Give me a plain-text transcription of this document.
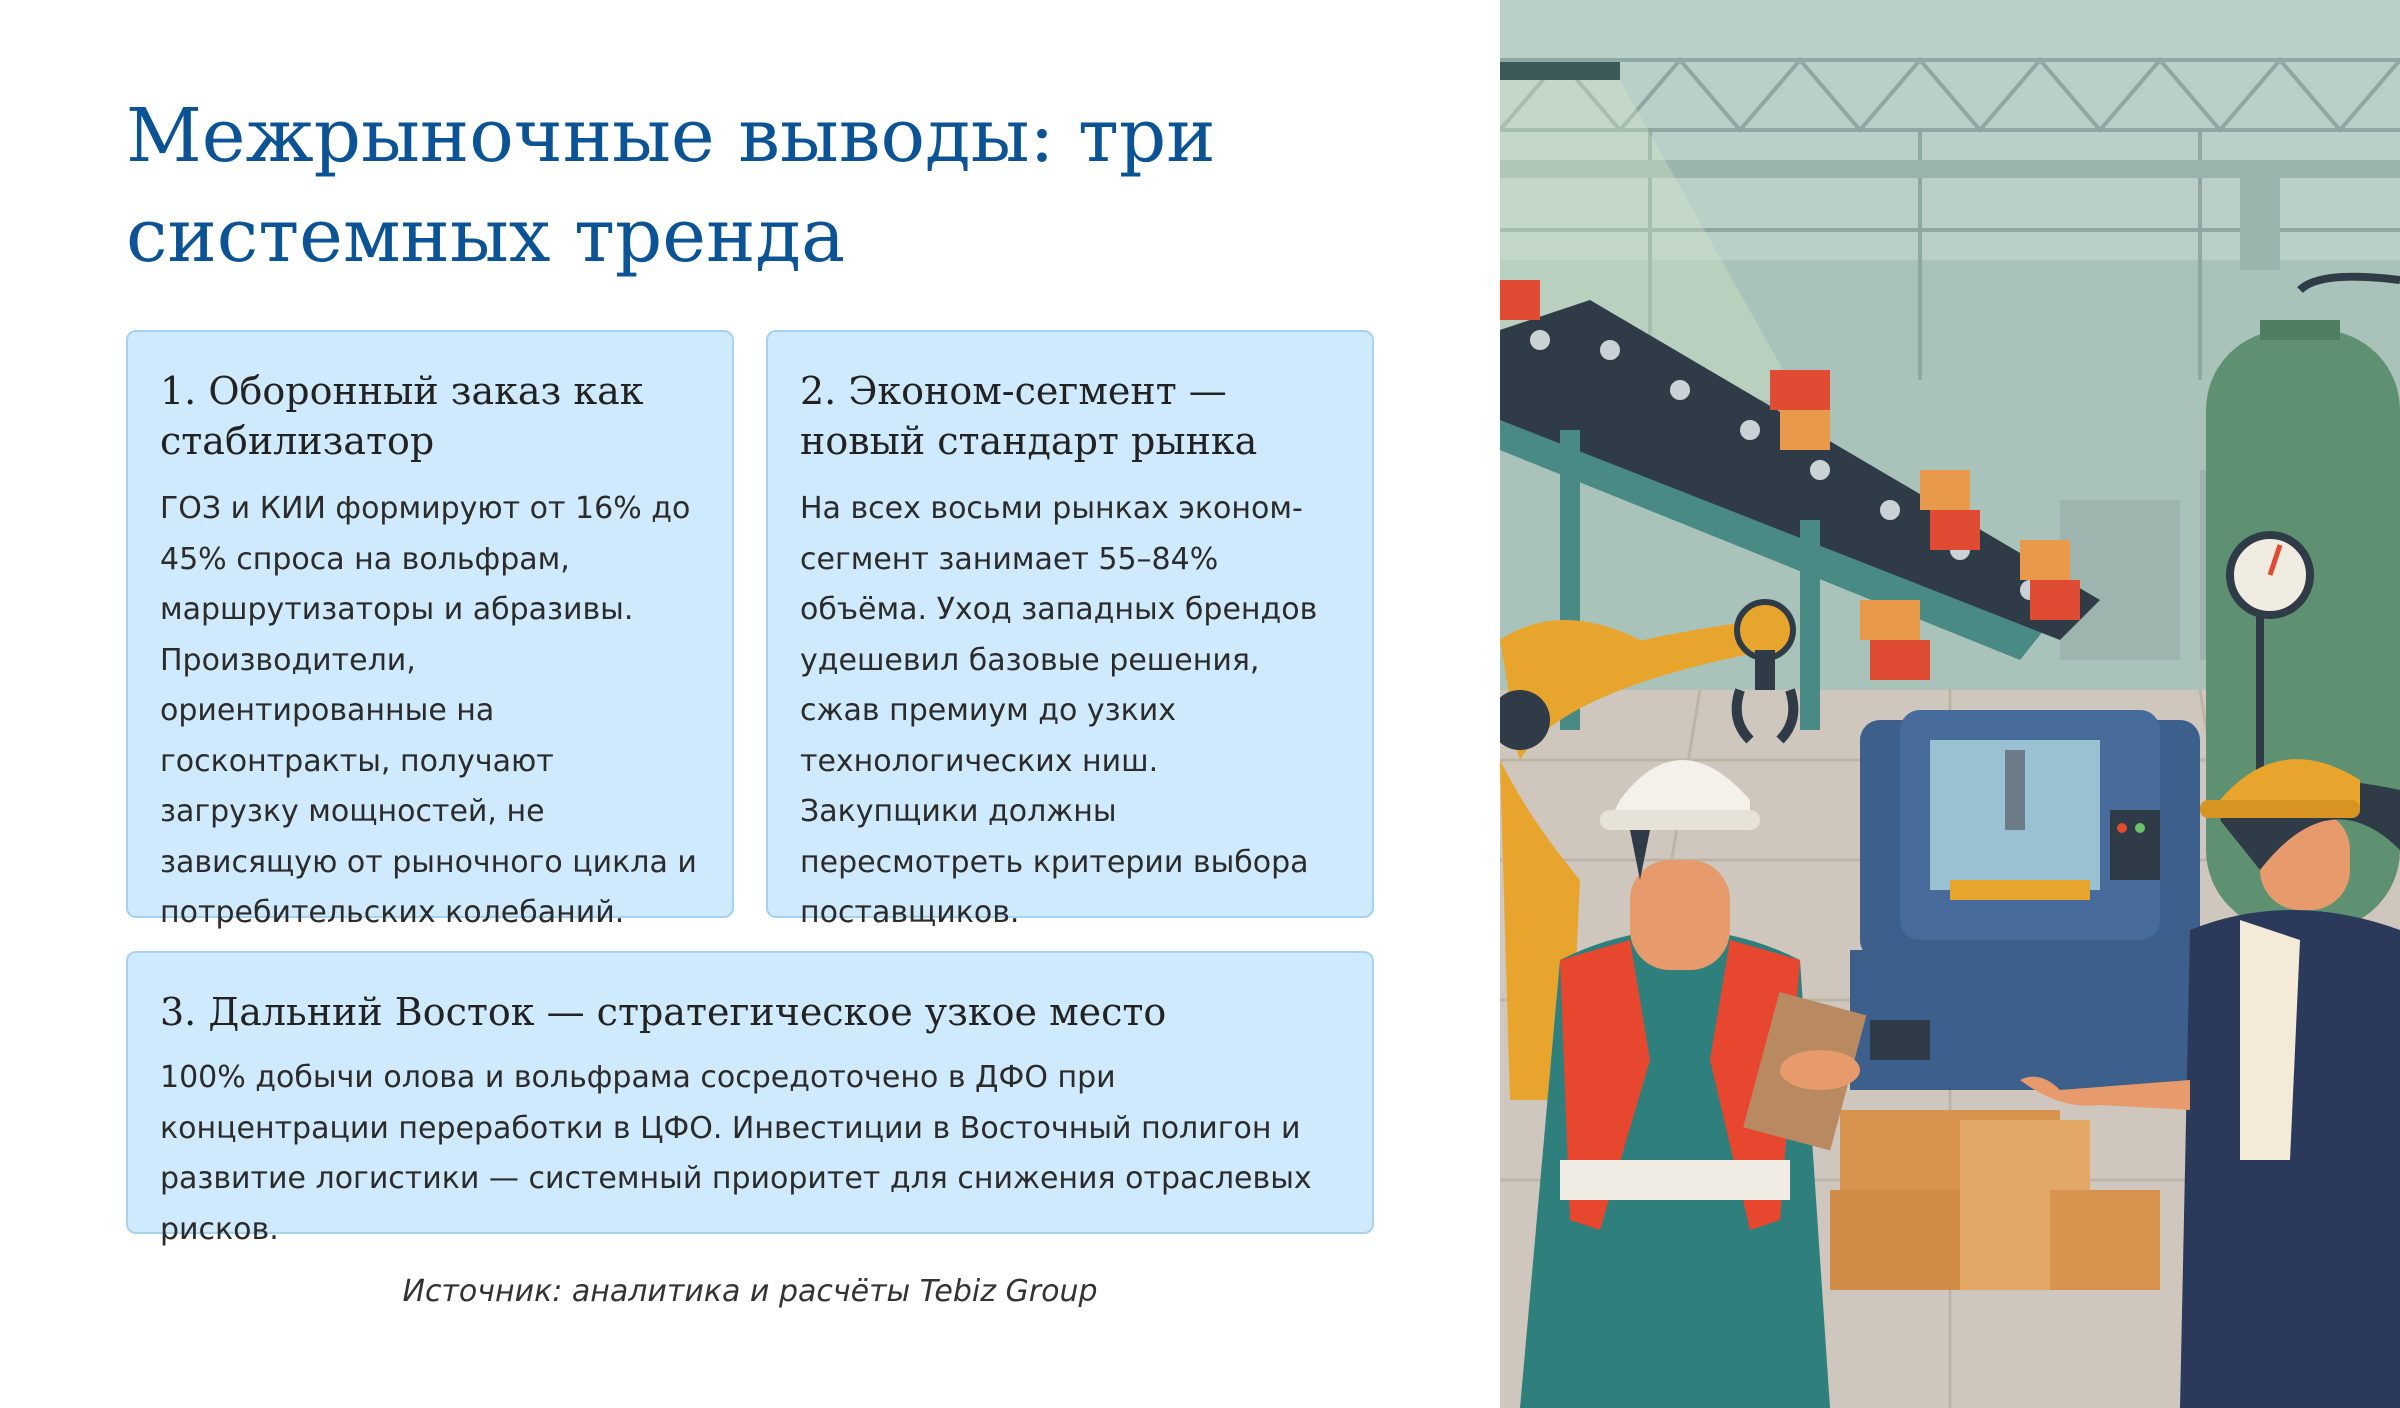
Межрыночные выводы: три системных тренда
1. Оборонный заказ как стабилизатор
ГОЗ и КИИ формируют от 16% до 45% спроса на вольфрам, маршрутизаторы и абразивы. Производители, ориентированные на госконтракты, получают загрузку мощностей, не зависящую от рыночного цикла и потребительских колебаний.
2. Эконом-сегмент — новый стандарт рынка
На всех восьми рынках эконом-сегмент занимает 55–84% объёма. Уход западных брендов удешевил базовые решения, сжав премиум до узких технологических ниш. Закупщики должны пересмотреть критерии выбора поставщиков.
3. Дальний Восток — стратегическое узкое место
100% добычи олова и вольфрама сосредоточено в ДФО при концентрации переработки в ЦФО. Инвестиции в Восточный полигон и развитие логистики — системный приоритет для снижения отраслевых рисков.
Источник: аналитика и расчёты Tebiz Group
